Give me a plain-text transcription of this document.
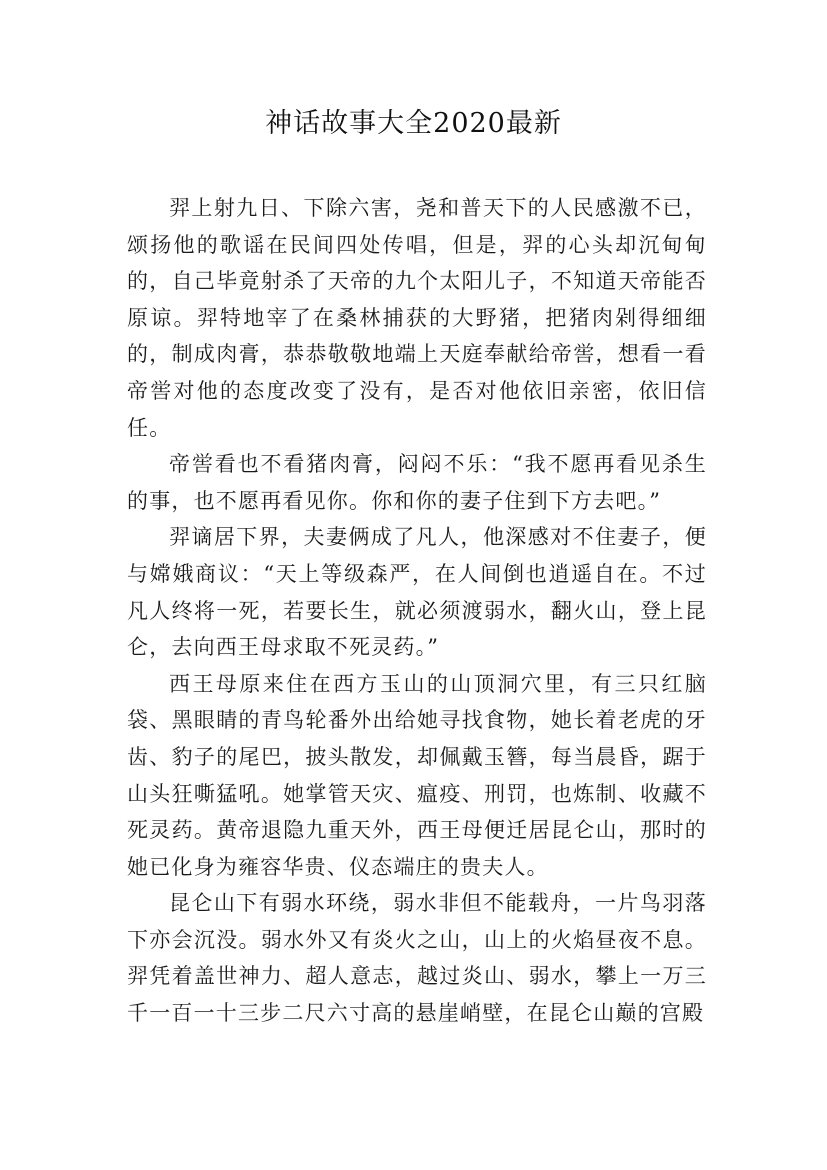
神话故事大全2020最新

羿上射九日、下除六害，尧和普天下的人民感激不已，颂扬他的歌谣在民间四处传唱，但是，羿的心头却沉甸甸的，自己毕竟射杀了天帝的九个太阳儿子，不知道天帝能否原谅。羿特地宰了在桑林捕获的大野猪，把猪肉剁得细细的，制成肉膏，恭恭敬敬地端上天庭奉献给帝喾，想看一看帝喾对他的态度改变了没有，是否对他依旧亲密，依旧信任。

帝喾看也不看猪肉膏，闷闷不乐：“我不愿再看见杀生的事，也不愿再看见你。你和你的妻子住到下方去吧。”

羿谪居下界，夫妻俩成了凡人，他深感对不住妻子，便与嫦娥商议：“天上等级森严，在人间倒也逍遥自在。不过凡人终将一死，若要长生，就必须渡弱水，翻火山，登上昆仑，去向西王母求取不死灵药。”

西王母原来住在西方玉山的山顶洞穴里，有三只红脑袋、黑眼睛的青鸟轮番外出给她寻找食物，她长着老虎的牙齿、豹子的尾巴，披头散发，却佩戴玉簪，每当晨昏，踞于山头狂嘶猛吼。她掌管天灾、瘟疫、刑罚，也炼制、收藏不死灵药。黄帝退隐九重天外，西王母便迁居昆仑山，那时的她已化身为雍容华贵、仪态端庄的贵夫人。

昆仑山下有弱水环绕，弱水非但不能载舟，一片鸟羽落下亦会沉没。弱水外又有炎火之山，山上的火焰昼夜不息。羿凭着盖世神力、超人意志，越过炎山、弱水，攀上一万三千一百一十三步二尺六寸高的悬崖峭壁，在昆仑山巅的宫殿
